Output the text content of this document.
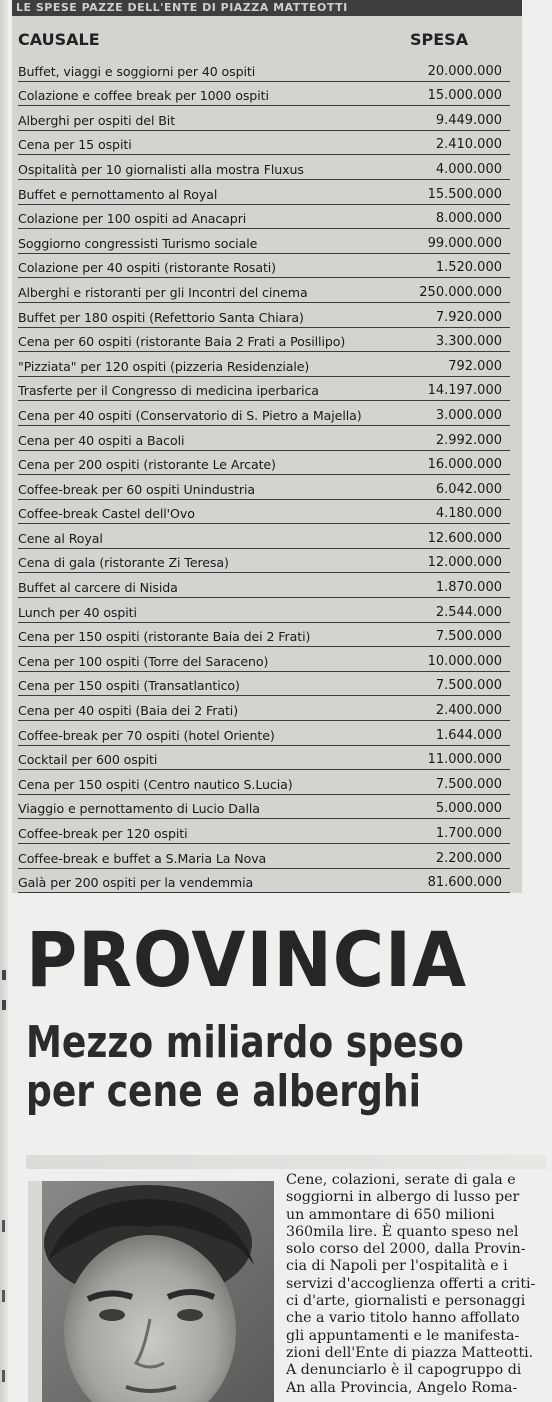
LE SPESE PAZZE DELL'ENTE DI PIAZZA MATTEOTTI
CAUSALE	SPESA
Buffet, viaggi e soggiorni per 40 ospiti	20.000.000
Colazione e coffee break per 1000 ospiti	15.000.000
Alberghi per ospiti del Bit	9.449.000
Cena per 15 ospiti	2.410.000
Ospitalità per 10 giornalisti alla mostra Fluxus	4.000.000
Buffet e pernottamento al Royal	15.500.000
Colazione per 100 ospiti ad Anacapri	8.000.000
Soggiorno congressisti Turismo sociale	99.000.000
Colazione per 40 ospiti (ristorante Rosati)	1.520.000
Alberghi e ristoranti per gli Incontri del cinema	250.000.000
Buffet per 180 ospiti (Refettorio Santa Chiara)	7.920.000
Cena per 60 ospiti (ristorante Baia 2 Frati a Posillipo)	3.300.000
"Pizziata" per 120 ospiti (pizzeria Residenziale)	792.000
Trasferte per il Congresso di medicina iperbarica	14.197.000
Cena per 40 ospiti (Conservatorio di S. Pietro a Majella)	3.000.000
Cena per 40 ospiti a Bacoli	2.992.000
Cena per 200 ospiti (ristorante Le Arcate)	16.000.000
Coffee-break per 60 ospiti Unindustria	6.042.000
Coffee-break Castel dell'Ovo	4.180.000
Cene al Royal	12.600.000
Cena di gala (ristorante Zi Teresa)	12.000.000
Buffet al carcere di Nisida	1.870.000
Lunch per 40 ospiti	2.544.000
Cena per 150 ospiti (ristorante Baia dei 2 Frati)	7.500.000
Cena per 100 ospiti (Torre del Saraceno)	10.000.000
Cena per 150 ospiti (Transatlantico)	7.500.000
Cena per 40 ospiti (Baia dei 2 Frati)	2.400.000
Coffee-break per 70 ospiti (hotel Oriente)	1.644.000
Cocktail per 600 ospiti	11.000.000
Cena per 150 ospiti (Centro nautico S.Lucia)	7.500.000
Viaggio e pernottamento di Lucio Dalla	5.000.000
Coffee-break per 120 ospiti	1.700.000
Coffee-break e buffet a S.Maria La Nova	2.200.000
Galà per 200 ospiti per la vendemmia	81.600.000
PROVINCIA
Mezzo miliardo speso
per cene e alberghi
Cene, colazioni, serate di gala e
soggiorni in albergo di lusso per
un ammontare di 650 milioni
360mila lire. È quanto speso nel
solo corso del 2000, dalla Provin-
cia di Napoli per l'ospitalità e i
servizi d'accoglienza offerti a criti-
ci d'arte, giornalisti e personaggi
che a vario titolo hanno affollato
gli appuntamenti e le manifesta-
zioni dell'Ente di piazza Matteotti.
A denunciarlo è il capogruppo di
An alla Provincia, Angelo Roma-
